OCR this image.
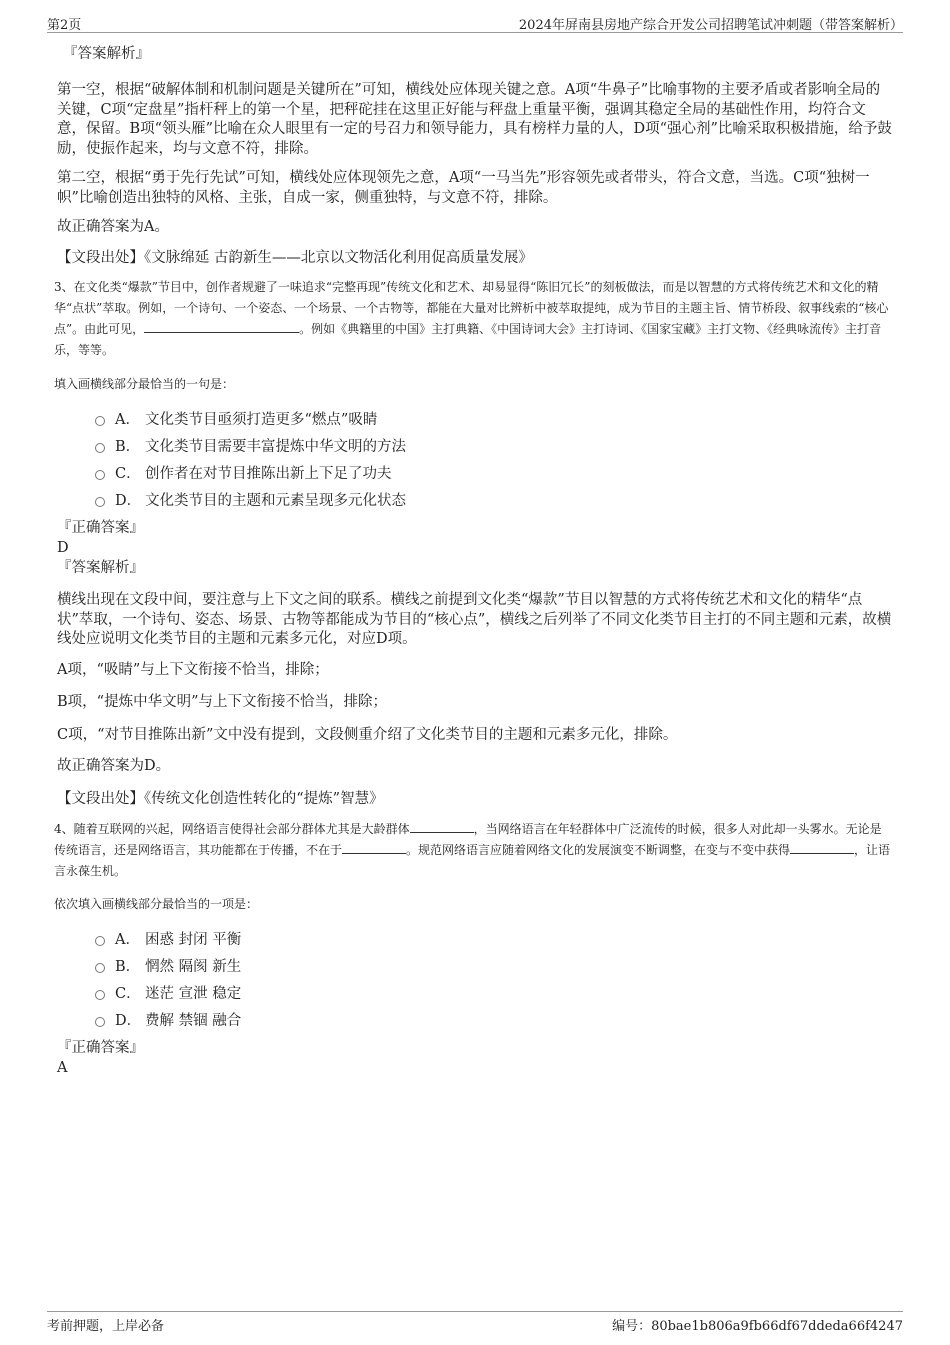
第2页	2024年屏南县房地产综合开发公司招聘笔试冲刺题（带答案解析）

『答案解析』

第一空，根据“破解体制和机制问题是关键所在”可知，横线处应体现关键之意。A项“牛鼻子”比喻事物的主要矛盾或者影响全局的关键，C项“定盘星”指杆秤上的第一个星，把秤砣挂在这里正好能与秤盘上重量平衡，强调其稳定全局的基础性作用，均符合文意，保留。B项“领头雁”比喻在众人眼里有一定的号召力和领导能力，具有榜样力量的人，D项“强心剂”比喻采取积极措施，给予鼓励，使振作起来，均与文意不符，排除。

第二空，根据“勇于先行先试”可知，横线处应体现领先之意，A项“一马当先”形容领先或者带头，符合文意，当选。C项“独树一帜”比喻创造出独特的风格、主张，自成一家，侧重独特，与文意不符，排除。

故正确答案为A。

【文段出处】《文脉绵延 古韵新生——北京以文物活化利用促高质量发展》

3、在文化类“爆款”节目中，创作者规避了一味追求“完整再现”传统文化和艺术、却易显得“陈旧冗长”的刻板做法，而是以智慧的方式将传统艺术和文化的精华“点状”萃取。例如，一个诗句、一个姿态、一个场景、一个古物等，都能在大量对比辨析中被萃取提纯，成为节目的主题主旨、情节桥段、叙事线索的“核心点”。由此可见，	。例如《典籍里的中国》主打典籍、《中国诗词大会》主打诗词、《国家宝藏》主打文物、《经典咏流传》主打音乐，等等。

填入画横线部分最恰当的一句是：

A． 文化类节目亟须打造更多“燃点”吸睛
B． 文化类节目需要丰富提炼中华文明的方法
C． 创作者在对节目推陈出新上下足了功夫
D． 文化类节目的主题和元素呈现多元化状态

『正确答案』

D

『答案解析』

横线出现在文段中间，要注意与上下文之间的联系。横线之前提到文化类“爆款”节目以智慧的方式将传统艺术和文化的精华“点状”萃取，一个诗句、姿态、场景、古物等都能成为节目的“核心点”，横线之后列举了不同文化类节目主打的不同主题和元素，故横线处应说明文化类节目的主题和元素多元化，对应D项。

A项，“吸睛”与上下文衔接不恰当，排除；

B项，“提炼中华文明”与上下文衔接不恰当，排除；

C项，“对节目推陈出新”文中没有提到，文段侧重介绍了文化类节目的主题和元素多元化，排除。

故正确答案为D。

【文段出处】《传统文化创造性转化的“提炼”智慧》

4、随着互联网的兴起，网络语言使得社会部分群体尤其是大龄群体	，当网络语言在年轻群体中广泛流传的时候，很多人对此却一头雾水。无论是传统语言，还是网络语言，其功能都在于传播，不在于	。规范网络语言应随着网络文化的发展演变不断调整，在变与不变中获得	，让语言永葆生机。

依次填入画横线部分最恰当的一项是：

A． 困惑 封闭 平衡
B． 惘然 隔阂 新生
C． 迷茫 宣泄 稳定
D． 费解 禁锢 融合

『正确答案』

A

考前押题，上岸必备	编号：80bae1b806a9fb66df67ddeda66f4247
